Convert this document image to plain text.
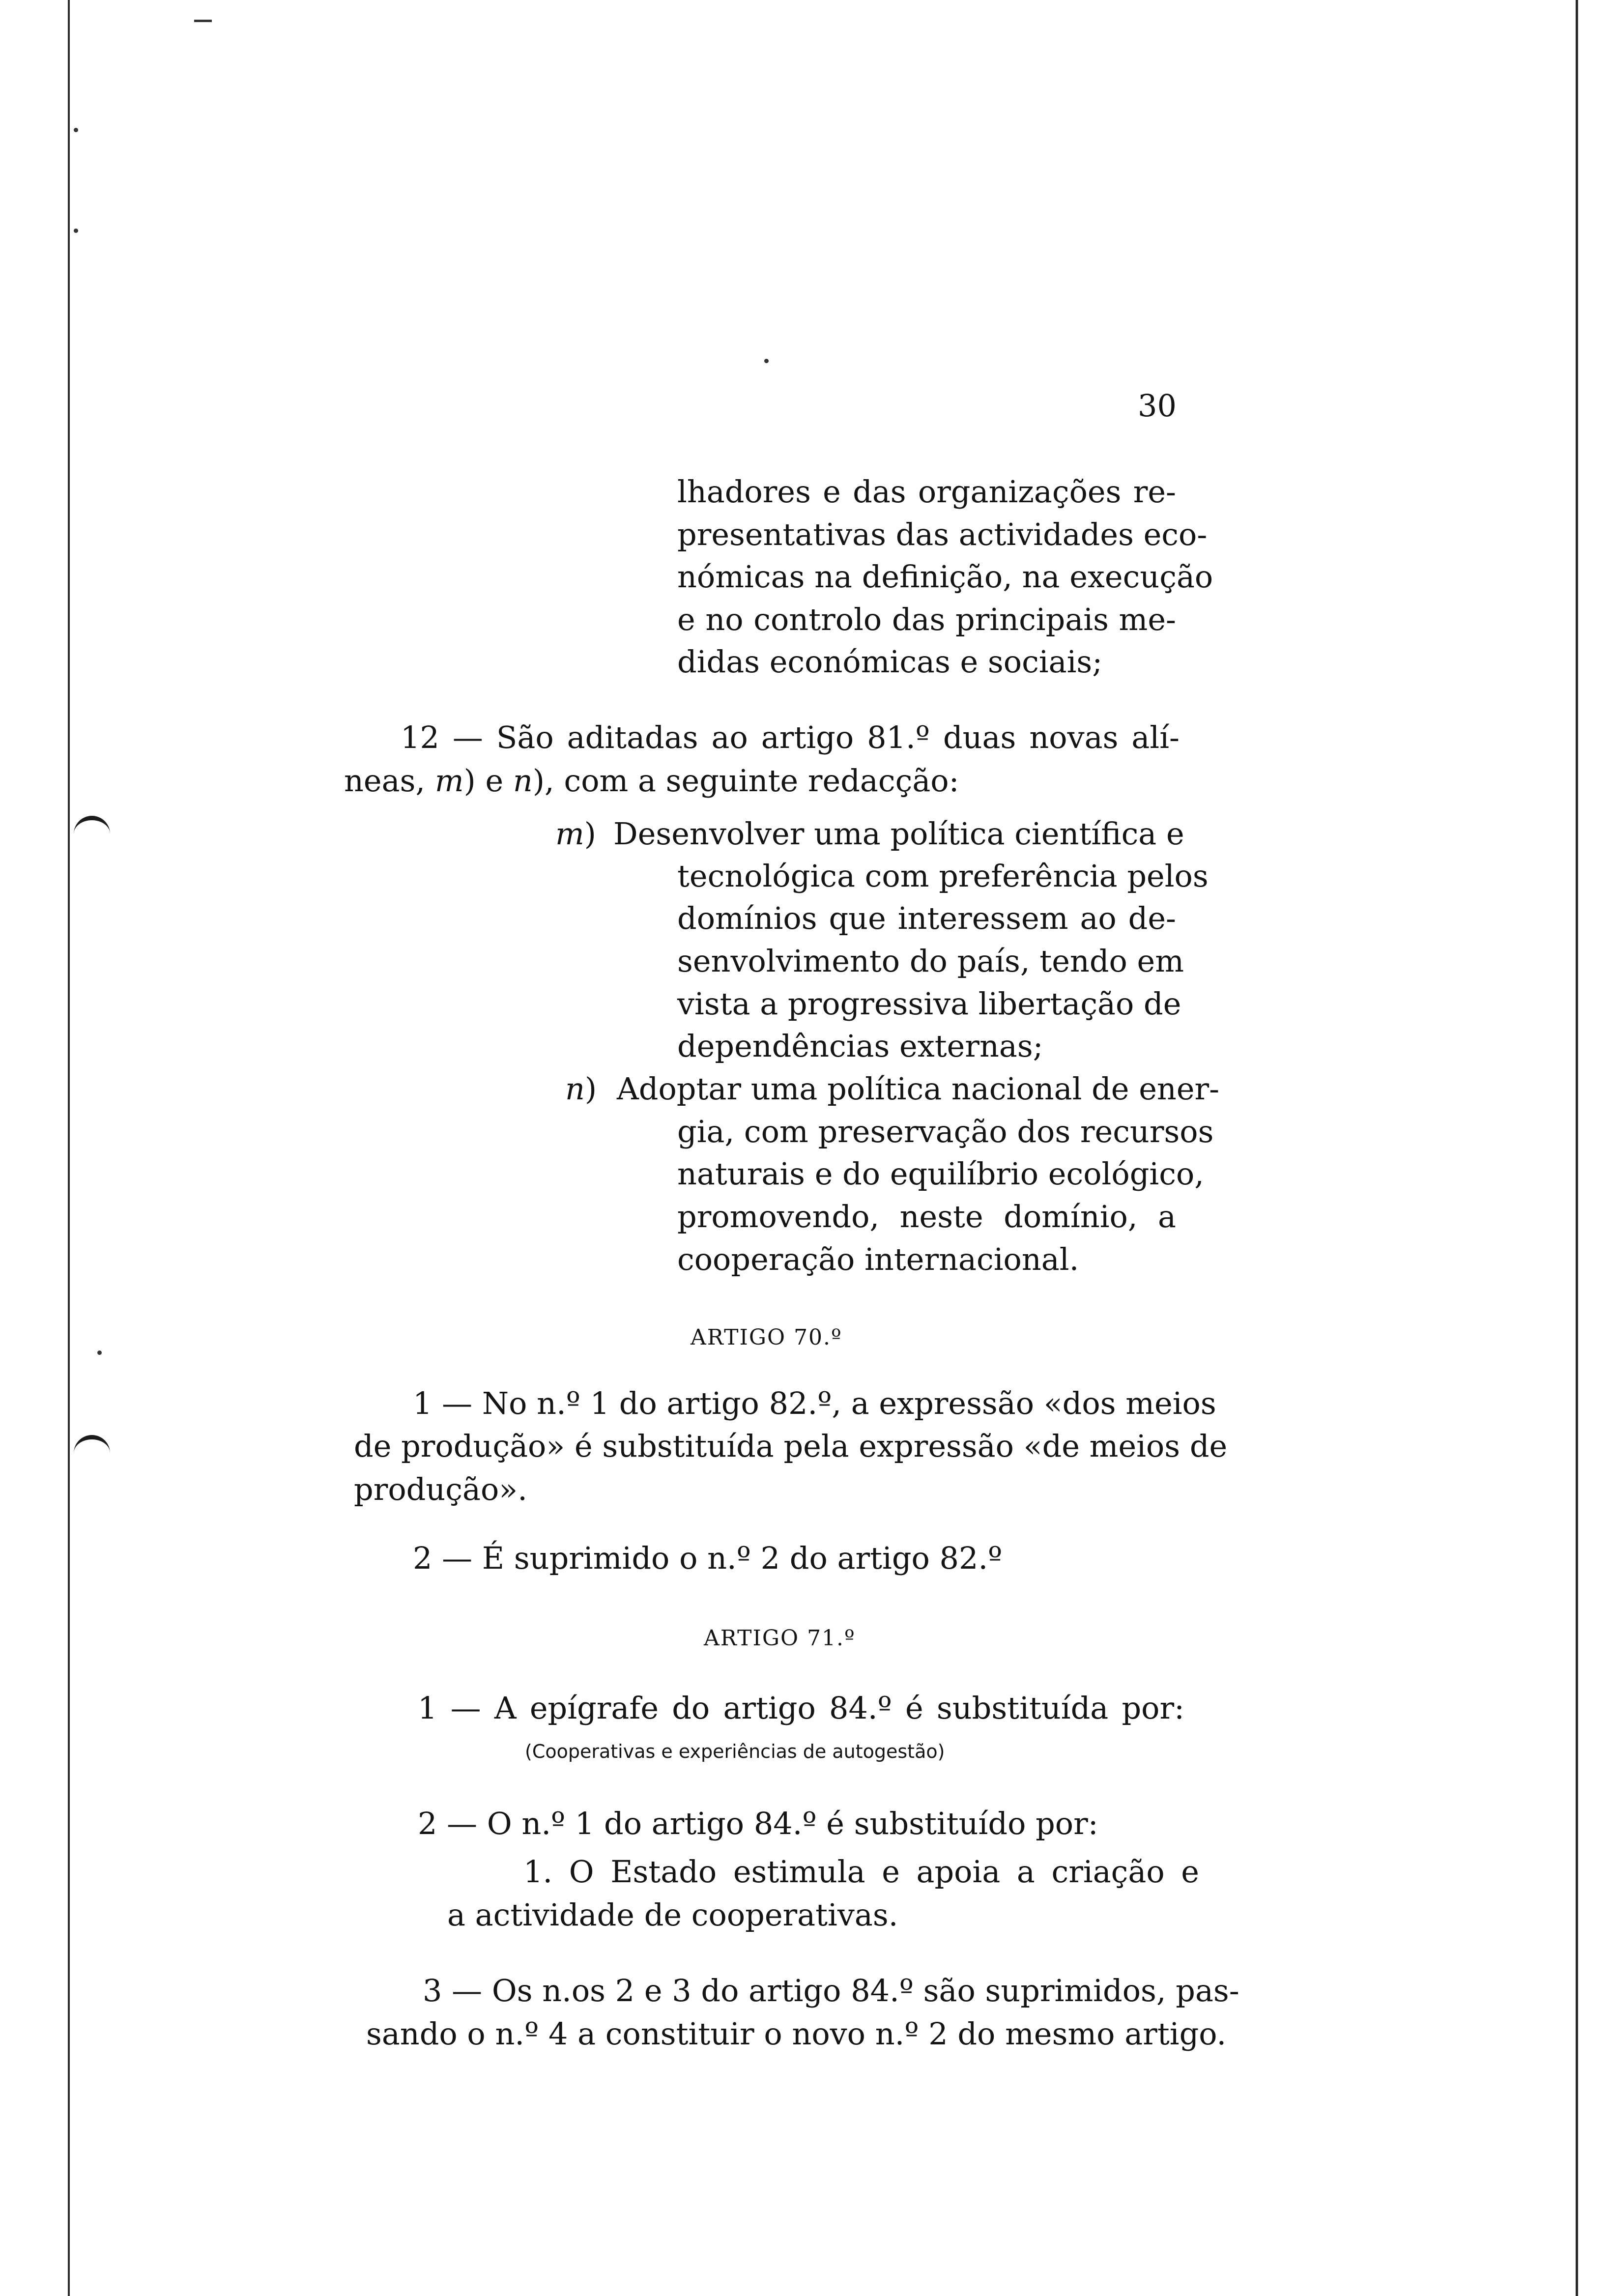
30
lhadores e das organizações re-
presentativas das actividades eco-
nómicas na definição, na execução
e no controlo das principais me-
didas económicas e sociais;
12 — São aditadas ao artigo 81.º duas novas alí-
neas, m) e n), com a seguinte redacção:
m) Desenvolver uma política científica e
tecnológica com preferência pelos
domínios que interessem ao de-
senvolvimento do país, tendo em
vista a progressiva libertação de
dependências externas;
n) Adoptar uma política nacional de ener-
gia, com preservação dos recursos
naturais e do equilíbrio ecológico,
promovendo, neste domínio, a
cooperação internacional.
ARTIGO 70.º
1 — No n.º 1 do artigo 82.º, a expressão «dos meios
de produção» é substituída pela expressão «de meios de
produção».
2 — É suprimido o n.º 2 do artigo 82.º
ARTIGO 71.º
1 — A epígrafe do artigo 84.º é substituída por:
(Cooperativas e experiências de autogestão)
2 — O n.º 1 do artigo 84.º é substituído por:
1. O Estado estimula e apoia a criação e
a actividade de cooperativas.
3 — Os n.os 2 e 3 do artigo 84.º são suprimidos, pas-
sando o n.º 4 a constituir o novo n.º 2 do mesmo artigo.
